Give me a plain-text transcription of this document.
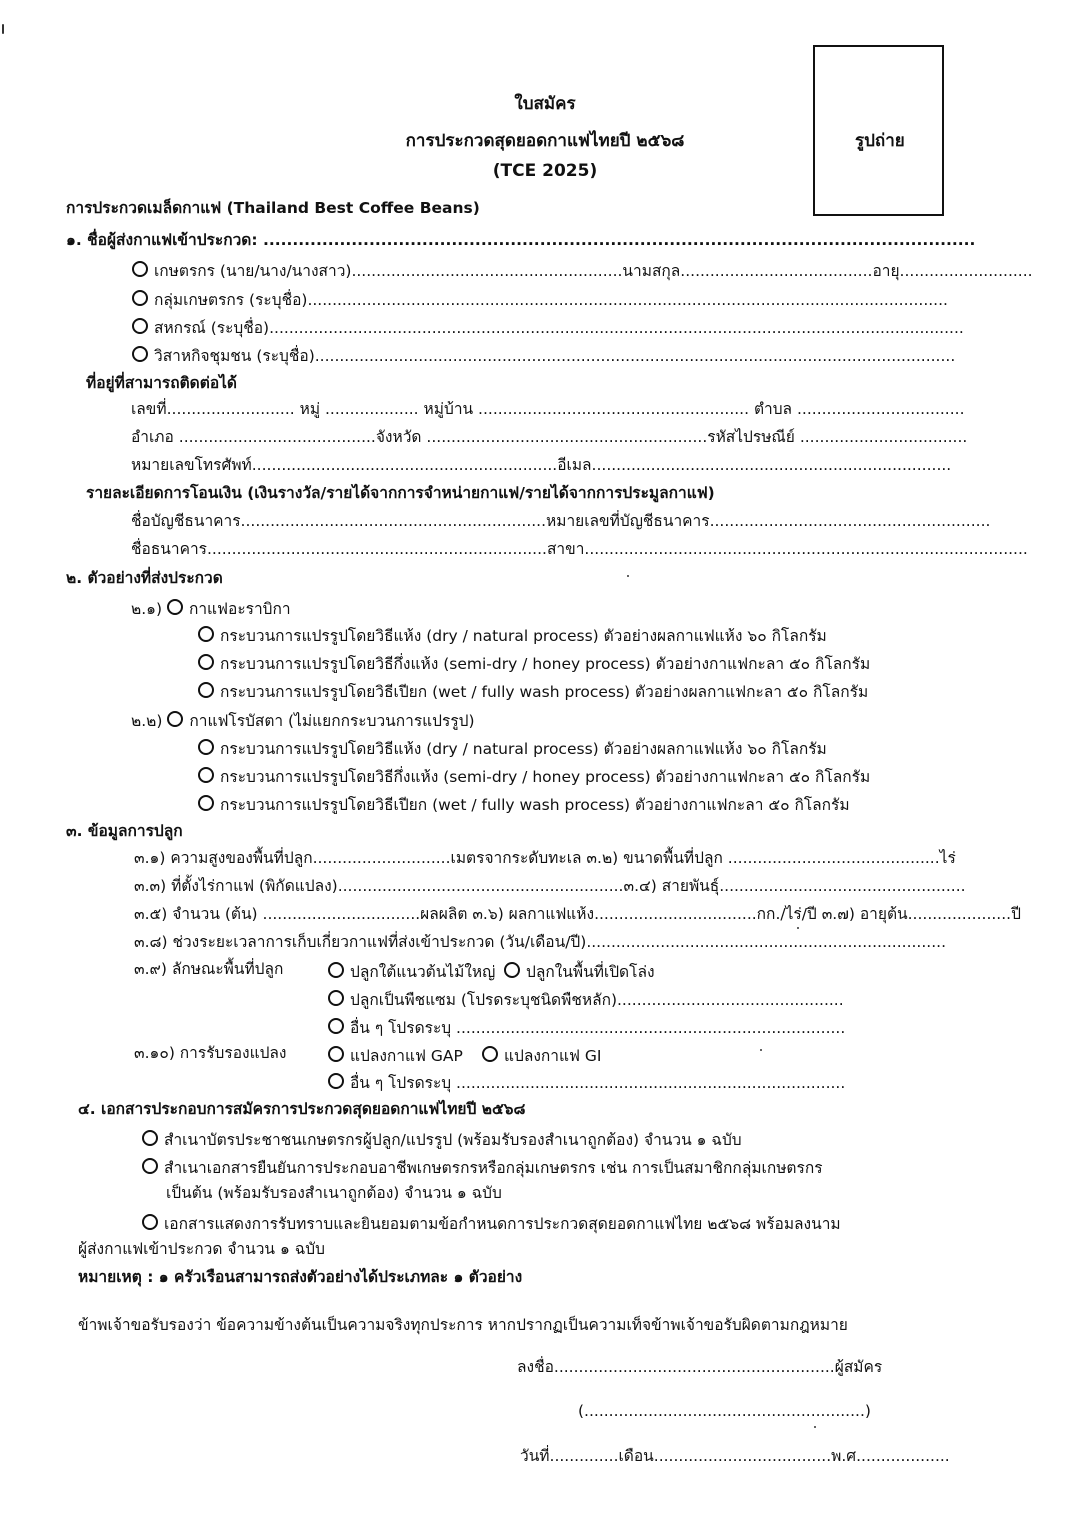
รูปถ่าย
ใบสมัคร
การประกวดสุดยอดกาแฟไทยปี ๒๕๖๘
(TCE 2025)
การประกวดเมล็ดกาแฟ (Thailand Best Coffee Beans)
๑. ชื่อผู้ส่งกาแฟเข้าประกวด: .........................................................................................................................
เกษตรกร (นาย/นาง/นางสาว).......................................................นามสกุล.......................................อายุ...........................
กลุ่มเกษตรกร (ระบุชื่อ)..................................................................................................................................
สหกรณ์ (ระบุชื่อ).............................................................................................................................................
วิสาหกิจชุมชน (ระบุชื่อ)..................................................................................................................................
ที่อยู่ที่สามารถติดต่อได้
เลขที่.......................... หมู่ ................... หมู่บ้าน ....................................................... ตำบล ..................................
อำเภอ ........................................จังหวัด .........................................................รหัสไปรษณีย์ ..................................
หมายเลขโทรศัพท์..............................................................อีเมล.........................................................................
รายละเอียดการโอนเงิน (เงินรางวัล/รายได้จากการจำหน่ายกาแฟ/รายได้จากการประมูลกาแฟ)
ชื่อบัญชีธนาคาร..............................................................หมายเลขที่บัญชีธนาคาร.........................................................
ชื่อธนาคาร.....................................................................สาขา..........................................................................................
๒. ตัวอย่างที่ส่งประกวด
๒.๑) กาแฟอะราบิกา
กระบวนการแปรรูปโดยวิธีแห้ง (dry / natural process) ตัวอย่างผลกาแฟแห้ง ๖๐ กิโลกรัม
กระบวนการแปรรูปโดยวิธีกึ่งแห้ง (semi-dry / honey process) ตัวอย่างกาแฟกะลา ๕๐ กิโลกรัม
กระบวนการแปรรูปโดยวิธีเปียก (wet / fully wash process) ตัวอย่างผลกาแฟกะลา ๕๐ กิโลกรัม
๒.๒) กาแฟโรบัสตา (ไม่แยกกระบวนการแปรรูป)
กระบวนการแปรรูปโดยวิธีแห้ง (dry / natural process) ตัวอย่างผลกาแฟแห้ง ๖๐ กิโลกรัม
กระบวนการแปรรูปโดยวิธีกึ่งแห้ง (semi-dry / honey process) ตัวอย่างกาแฟกะลา ๕๐ กิโลกรัม
กระบวนการแปรรูปโดยวิธีเปียก (wet / fully wash process) ตัวอย่างกาแฟกะลา ๕๐ กิโลกรัม
๓. ข้อมูลการปลูก
๓.๑) ความสูงของพื้นที่ปลูก............................เมตรจากระดับทะเล ๓.๒) ขนาดพื้นที่ปลูก ...........................................ไร่
๓.๓) ที่ตั้งไร่กาแฟ (พิกัดแปลง)..........................................................๓.๔) สายพันธุ์..................................................
๓.๕) จำนวน (ต้น) ................................ผลผลิต ๓.๖) ผลกาแฟแห้ง.................................กก./ไร่/ปี ๓.๗) อายุต้น.....................ปี
๓.๘) ช่วงระยะเวลาการเก็บเกี่ยวกาแฟที่ส่งเข้าประกวด (วัน/เดือน/ปี).........................................................................
๓.๙) ลักษณะพื้นที่ปลูก	ปลูกใต้แนวต้นไม้ใหญ่	ปลูกในพื้นที่เปิดโล่ง
ปลูกเป็นพืชแซม (โปรดระบุชนิดพืชหลัก)..............................................
อื่น ๆ โปรดระบุ ...............................................................................
๓.๑๐) การรับรองแปลง	แปลงกาแฟ GAP	แปลงกาแฟ GI
อื่น ๆ โปรดระบุ ...............................................................................
๔. เอกสารประกอบการสมัครการประกวดสุดยอดกาแฟไทยปี ๒๕๖๘
สำเนาบัตรประชาชนเกษตรกรผู้ปลูก/แปรรูป (พร้อมรับรองสำเนาถูกต้อง) จำนวน ๑ ฉบับ
สำเนาเอกสารยืนยันการประกอบอาชีพเกษตรกรหรือกลุ่มเกษตรกร เช่น การเป็นสมาชิกกลุ่มเกษตรกร
เป็นต้น (พร้อมรับรองสำเนาถูกต้อง) จำนวน ๑ ฉบับ
เอกสารแสดงการรับทราบและยินยอมตามข้อกำหนดการประกวดสุดยอดกาแฟไทย ๒๕๖๘ พร้อมลงนาม
ผู้ส่งกาแฟเข้าประกวด จำนวน ๑ ฉบับ
หมายเหตุ : ๑ ครัวเรือนสามารถส่งตัวอย่างได้ประเภทละ ๑ ตัวอย่าง
ข้าพเจ้าขอรับรองว่า ข้อความข้างต้นเป็นความจริงทุกประการ หากปรากฏเป็นความเท็จข้าพเจ้าขอรับผิดตามกฎหมาย
ลงชื่อ.........................................................ผู้สมัคร
(.........................................................)
วันที่..............เดือน....................................พ.ศ...................
